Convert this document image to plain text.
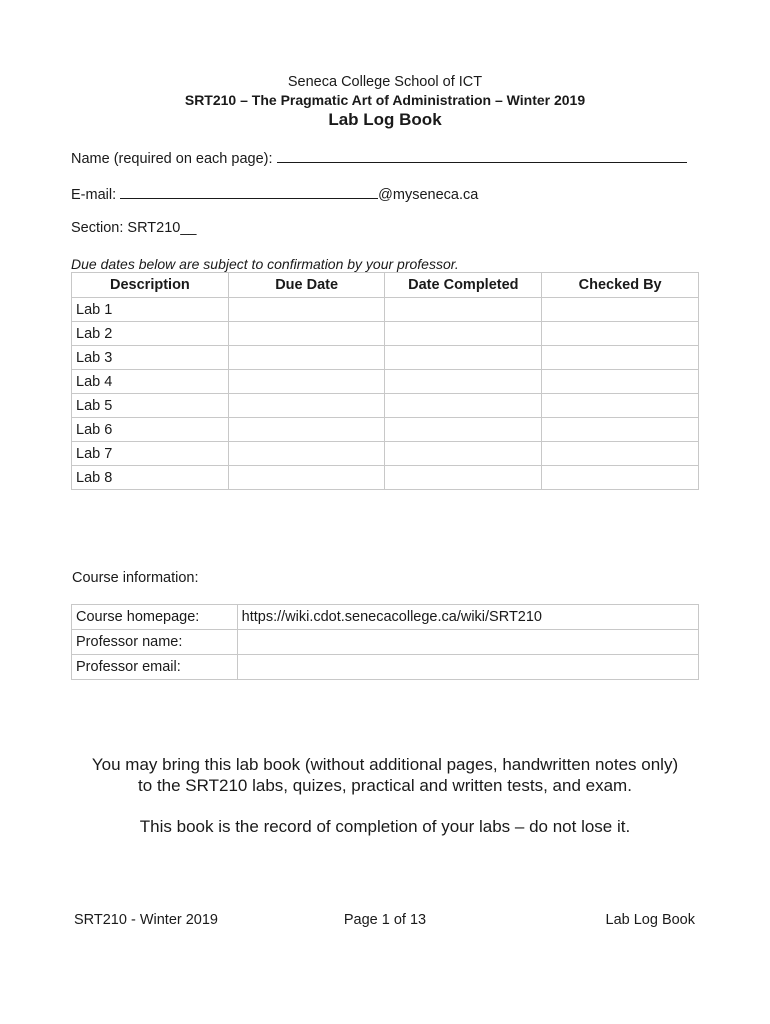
Seneca College School of ICT
SRT210 – The Pragmatic Art of Administration – Winter 2019
Lab Log Book
Name (required on each page):
E-mail:	@myseneca.ca
Section: SRT210__
Due dates below are subject to confirmation by your professor.
Description	Due Date	Date Completed	Checked By
Lab 1			
Lab 2			
Lab 3			
Lab 4			
Lab 5			
Lab 6			
Lab 7			
Lab 8			
Course information:
Course homepage:	https://wiki.cdot.senecacollege.ca/wiki/SRT210
Professor name:	
Professor email:	
You may bring this lab book (without additional pages, handwritten notes only)
to the SRT210 labs, quizes, practical and written tests, and exam.
This book is the record of completion of your labs – do not lose it.
SRT210 - Winter 2019	Page 1 of 13	Lab Log Book
